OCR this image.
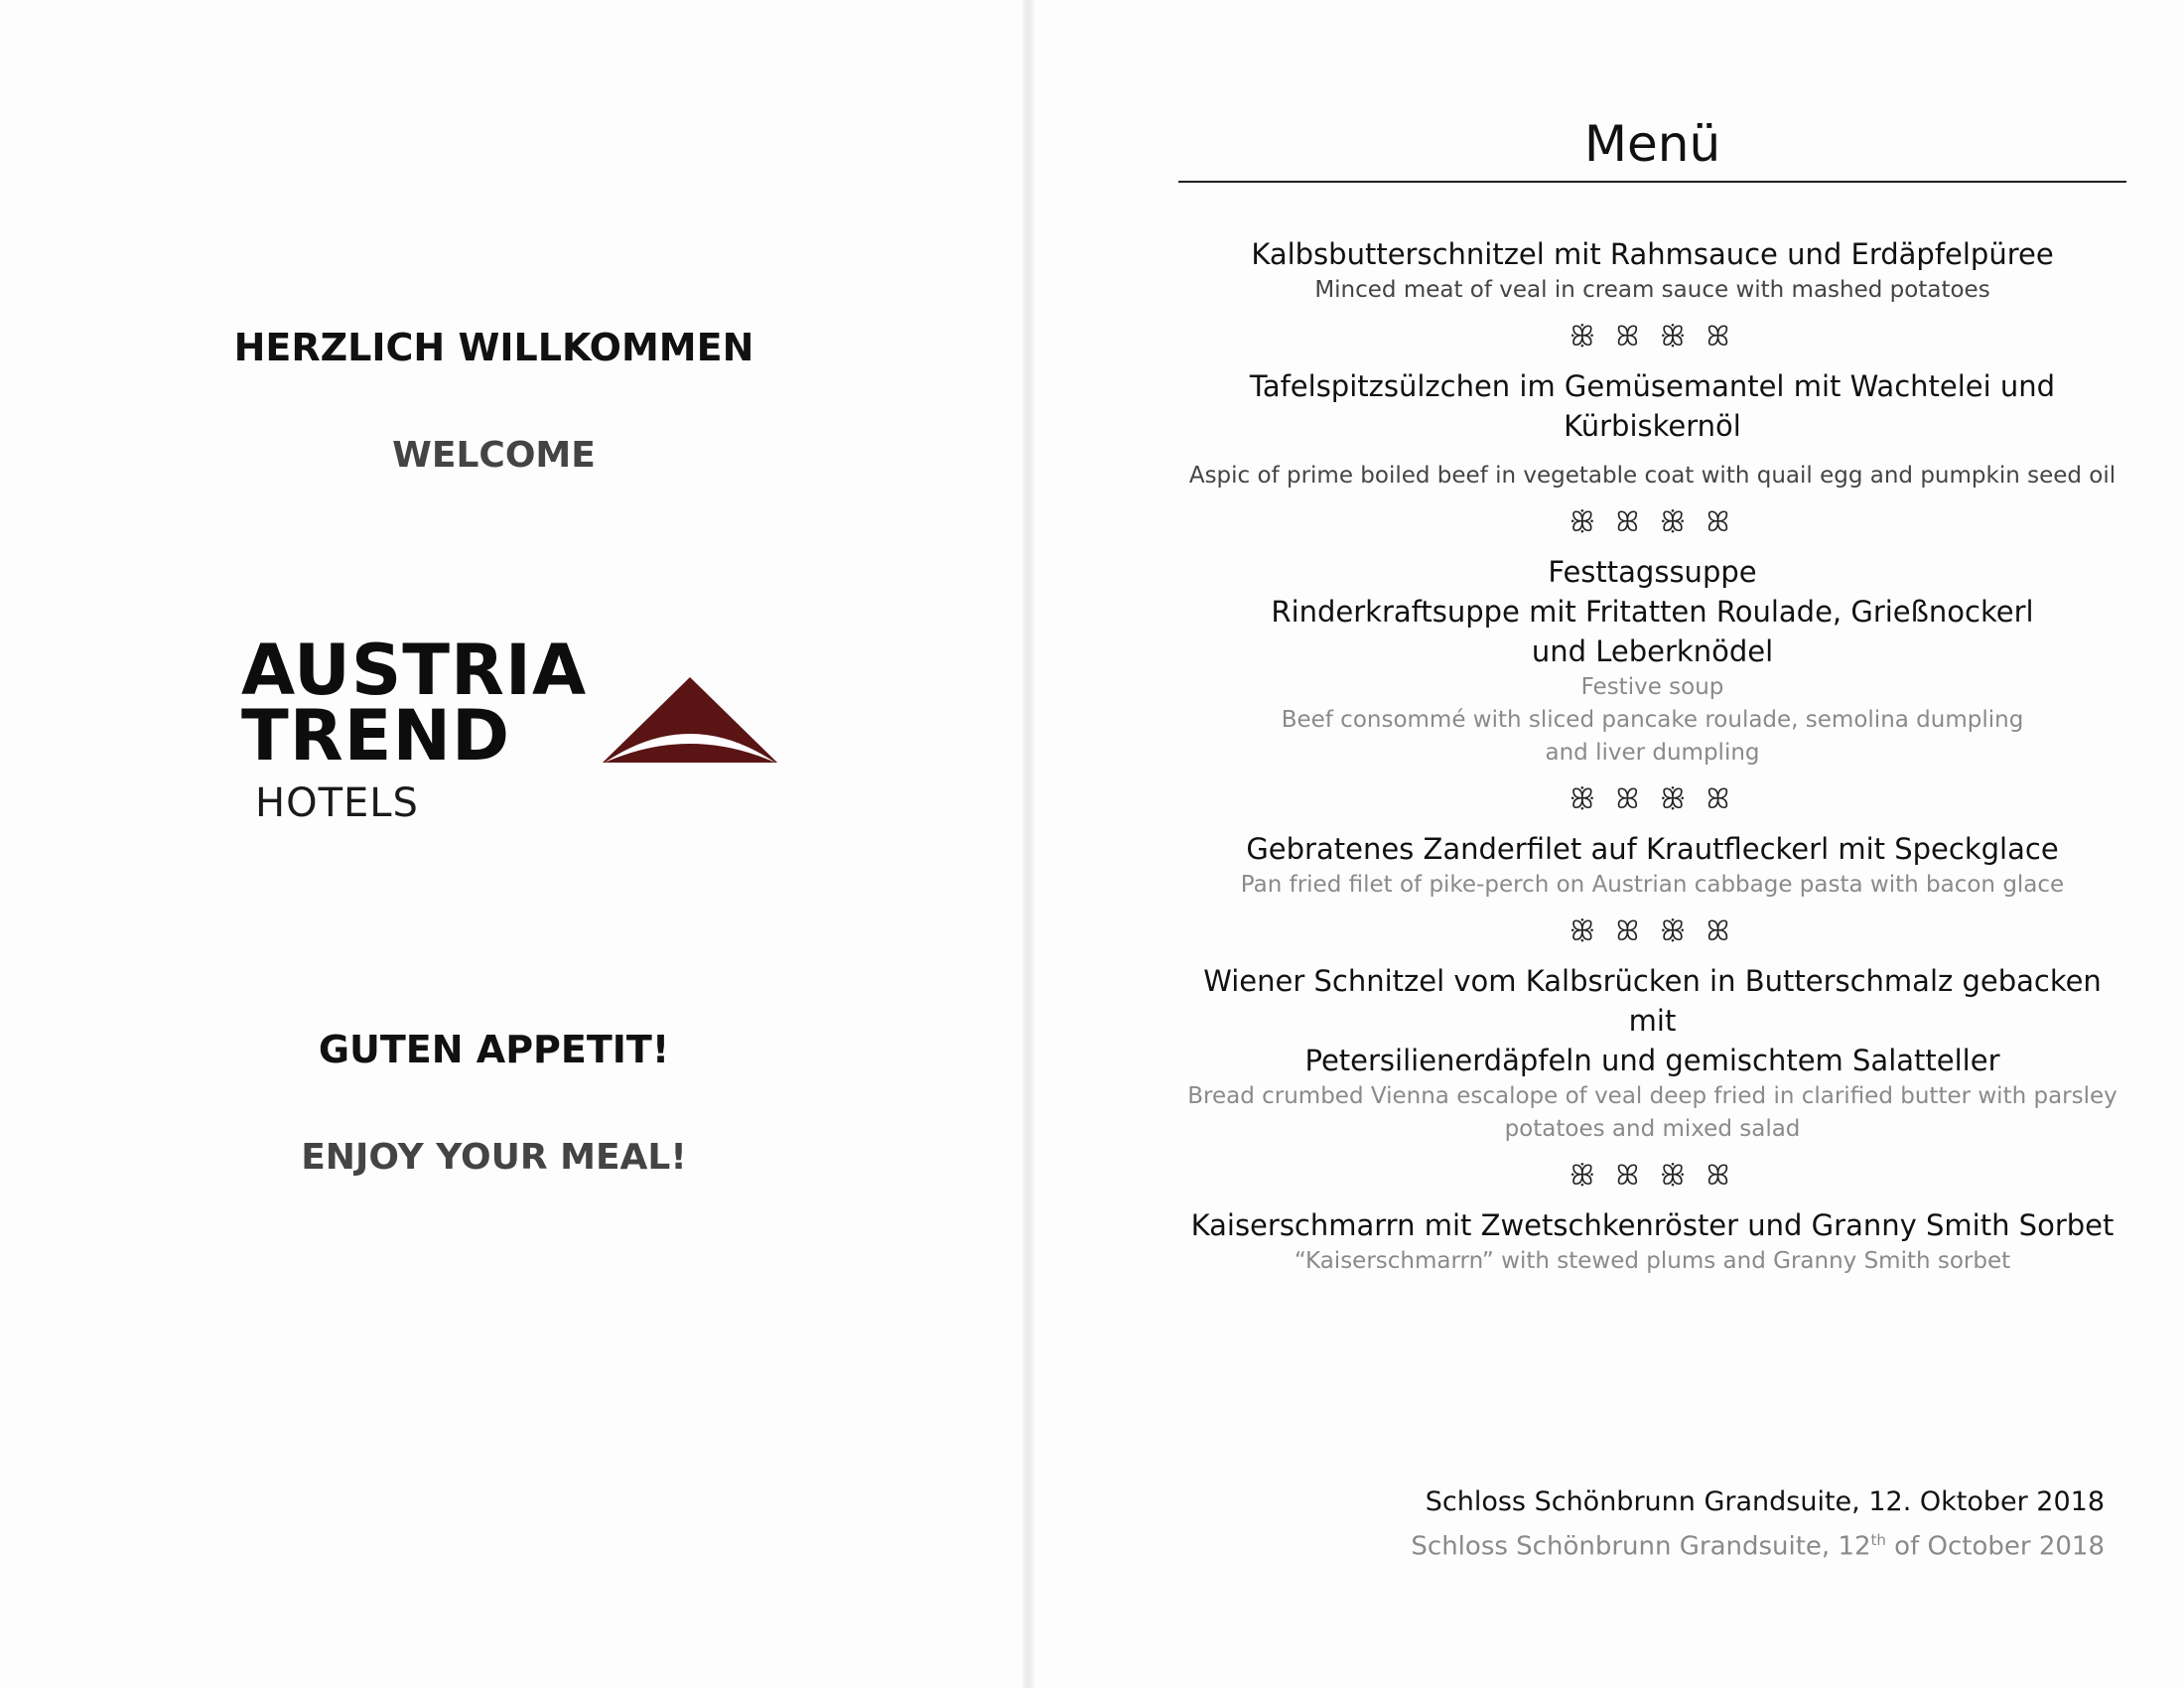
HERZLICH WILLKOMMEN
WELCOME
AUSTRIA
TREND
HOTELS
GUTEN APPETIT!
ENJOY YOUR MEAL!
Menü
Kalbsbutterschnitzel mit Rahmsauce und Erdäpfelpüree
Minced meat of veal in cream sauce with mashed potatoes
ꕥ ꕤ ꕥ ꕤ
Tafelspitzsülzchen im Gemüsemantel mit Wachtelei und Kürbiskernöl
Aspic of prime boiled beef in vegetable coat with quail egg and pumpkin seed oil
ꕥ ꕤ ꕥ ꕤ
Festtagssuppe
Rinderkraftsuppe mit Fritatten Roulade, Grießnockerl
und Leberknödel
Festive soup
Beef consommé with sliced pancake roulade, semolina dumpling
and liver dumpling
ꕥ ꕤ ꕥ ꕤ
Gebratenes Zanderfilet auf Krautfleckerl mit Speckglace
Pan fried filet of pike-perch on Austrian cabbage pasta with bacon glace
ꕥ ꕤ ꕥ ꕤ
Wiener Schnitzel vom Kalbsrücken in Butterschmalz gebacken mit
Petersilienerdäpfeln und gemischtem Salatteller
Bread crumbed Vienna escalope of veal deep fried in clarified butter with parsley
potatoes and mixed salad
ꕥ ꕤ ꕥ ꕤ
Kaiserschmarrn mit Zwetschkenröster und Granny Smith Sorbet
“Kaiserschmarrn” with stewed plums and Granny Smith sorbet
Schloss Schönbrunn Grandsuite, 12. Oktober 2018
Schloss Schönbrunn Grandsuite, 12th of October 2018
